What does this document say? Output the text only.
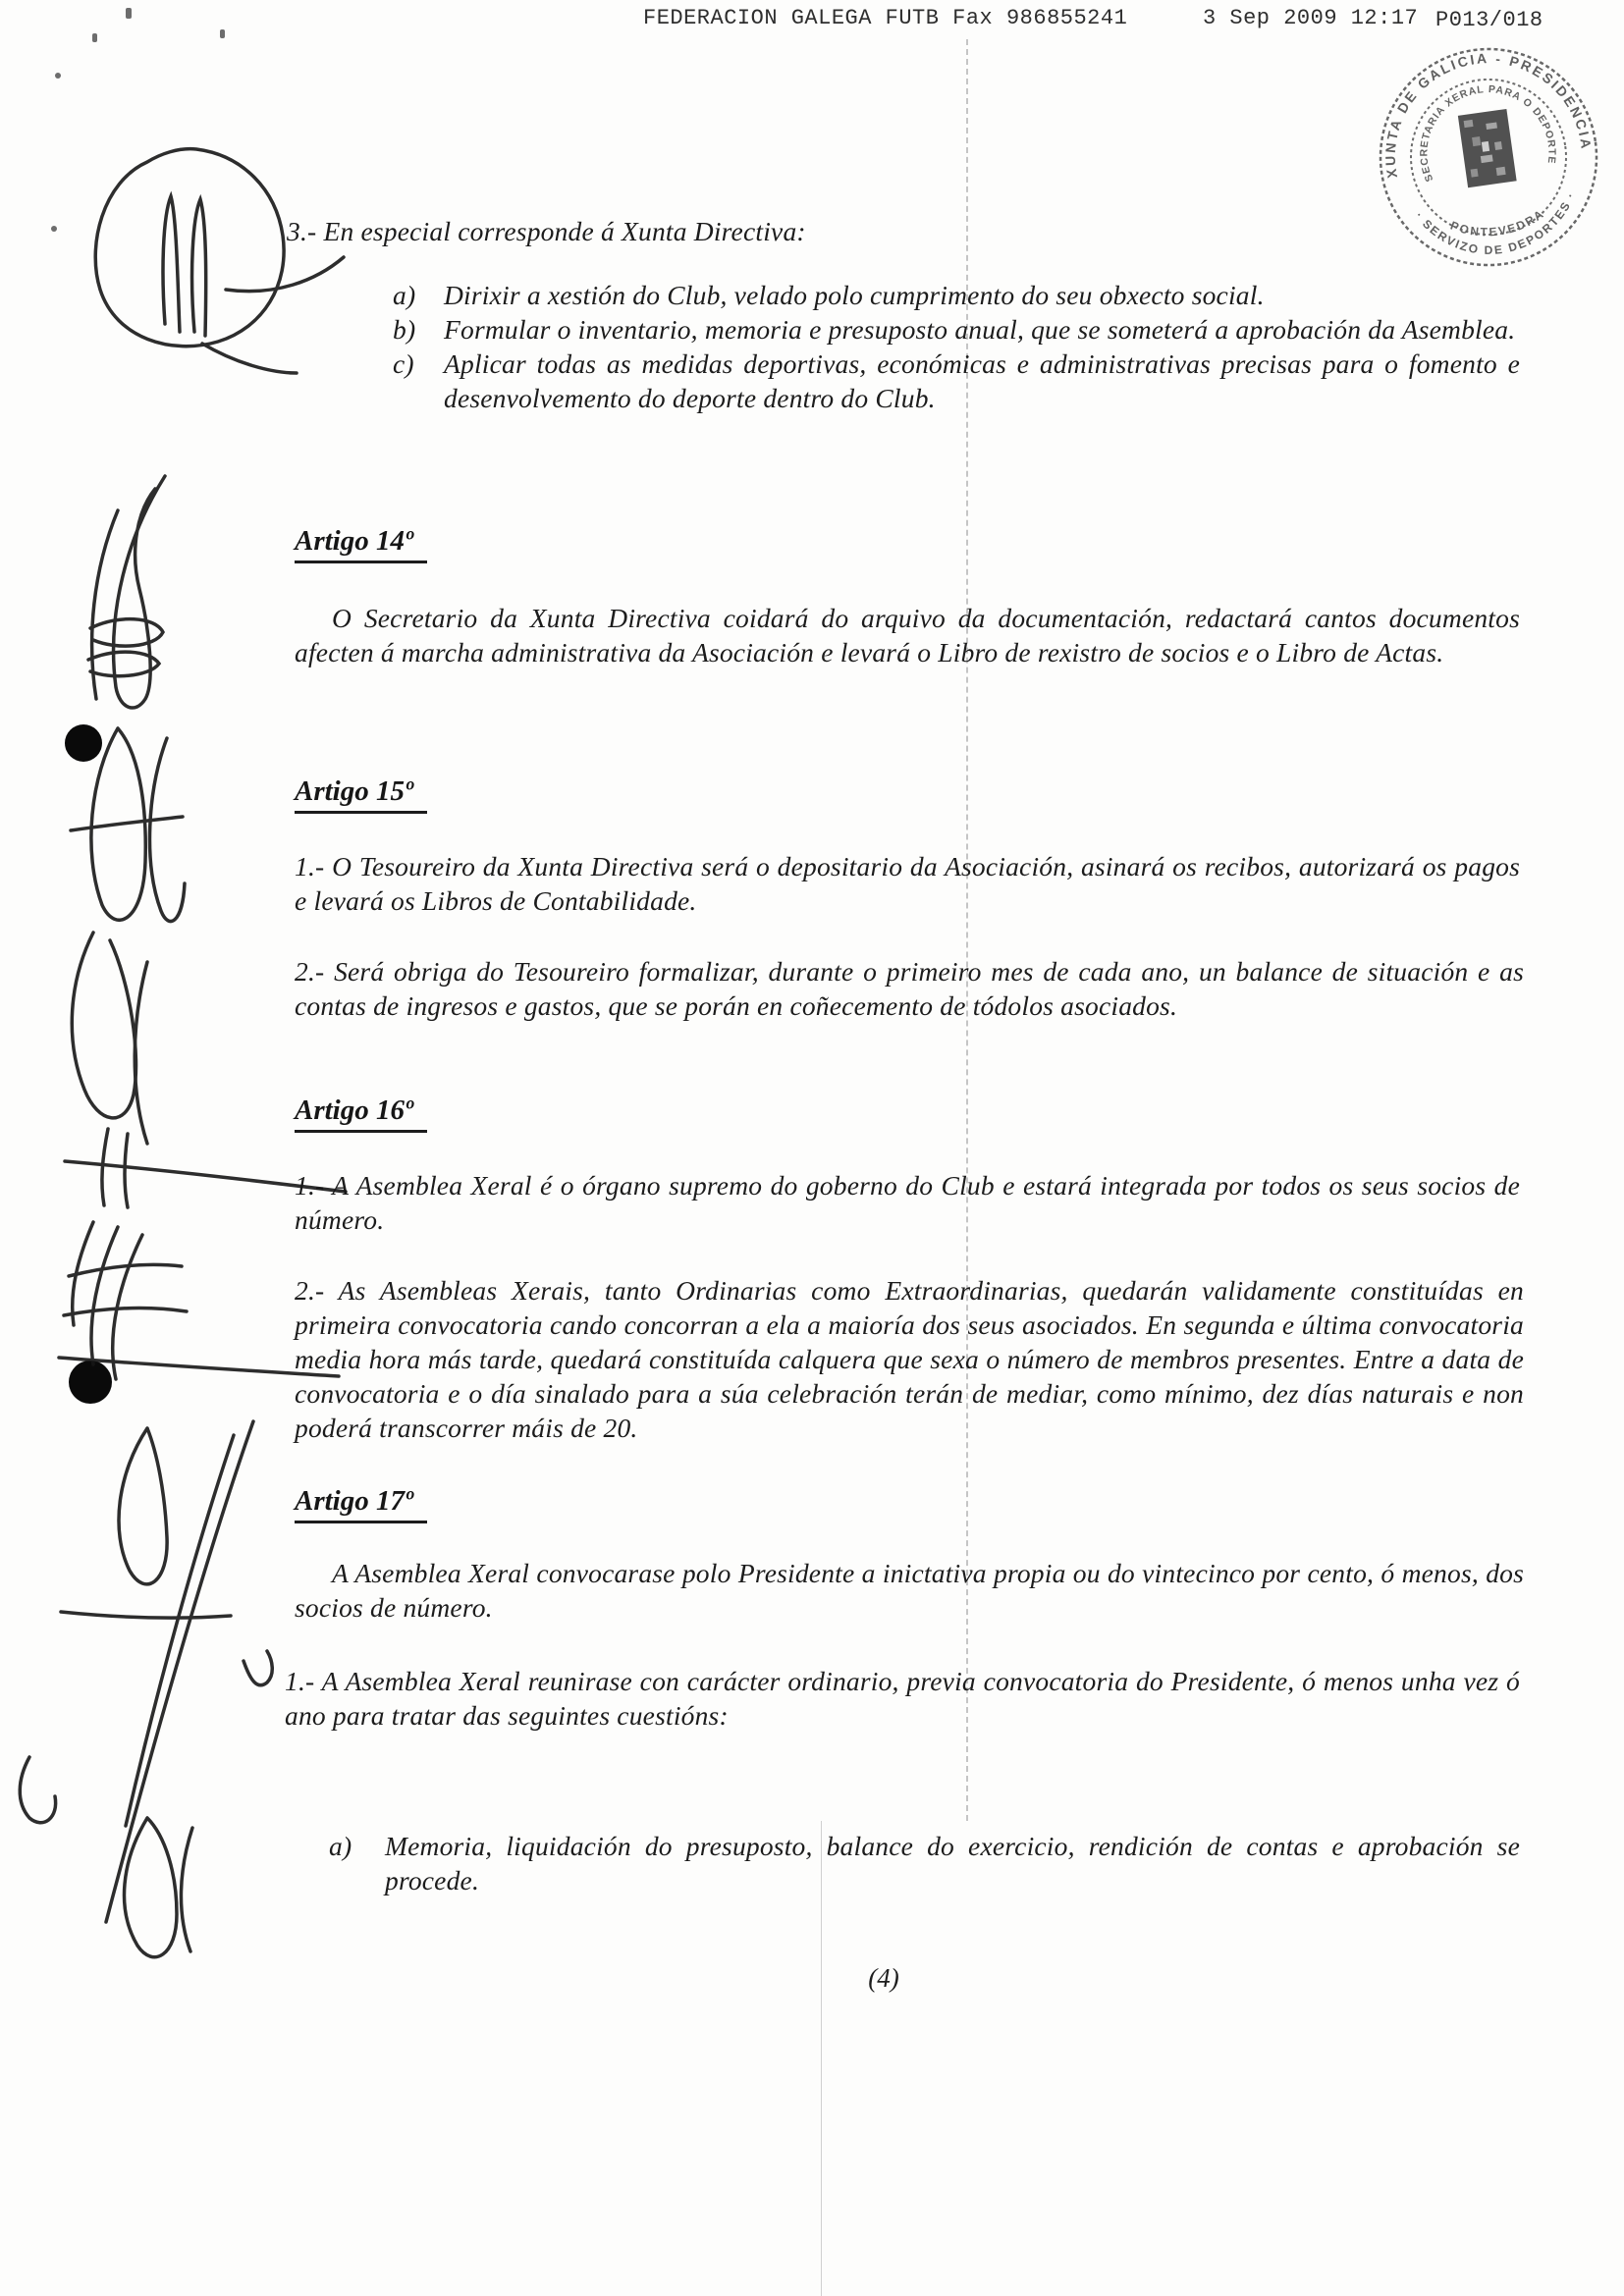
FEDERACION GALEGA FUTB Fax 986855241	3 Sep 2009 12:17 P013/018
XUNTA DE GALICIA - PRESIDENCIA
· SERVIZO DE DEPORTES ·
SECRETARIA XERAL PARA O DEPORTE
PONTEVEDRA
3.- En especial corresponde á Xunta Directiva:
a)	Dirixir a xestión do Club, velado polo cumprimento do seu obxecto social.
b)	Formular o inventario, memoria e presuposto anual, que se someterá a aprobación da Asemblea.
c)	Aplicar todas as medidas deportivas, económicas e administrativas precisas para o fomento e desenvolvemento do deporte dentro do Club.
Artigo 14º
O Secretario da Xunta Directiva coidará do arquivo da documentación, redactará cantos documentos afecten á marcha administrativa da Asociación e levará o Libro de rexistro de socios e o Libro de Actas.
Artigo 15º
1.- O Tesoureiro da Xunta Directiva será o depositario da Asociación, asinará os recibos, autorizará os pagos e levará os Libros de Contabilidade.
2.- Será obriga do Tesoureiro formalizar, durante o primeiro mes de cada ano, un balance de situación e as contas de ingresos e gastos, que se porán en coñecemento de tódolos asociados.
Artigo 16º
1.- A Asemblea Xeral é o órgano supremo do goberno do Club e estará integrada por todos os seus socios de número.
2.- As Asembleas Xerais, tanto Ordinarias como Extraordinarias, quedarán validamente constituídas en primeira convocatoria cando concorran a ela a maioría dos seus asociados. En segunda e última convocatoria media hora más tarde, quedará constituída calquera que sexa o número de membros presentes. Entre a data de convocatoria e o día sinalado para a súa celebración terán de mediar, como mínimo, dez días naturais e non poderá transcorrer máis de 20.
Artigo 17º
A Asemblea Xeral convocarase polo Presidente a inictativa propia ou do vintecinco por cento, ó menos, dos socios de número.
1.- A Asemblea Xeral reunirase con carácter ordinario, previa convocatoria do Presidente, ó menos unha vez ó ano para tratar das seguintes cuestións:
a)	Memoria, liquidación do presuposto, balance do exercicio, rendición de contas e aprobación se procede.
(4)
